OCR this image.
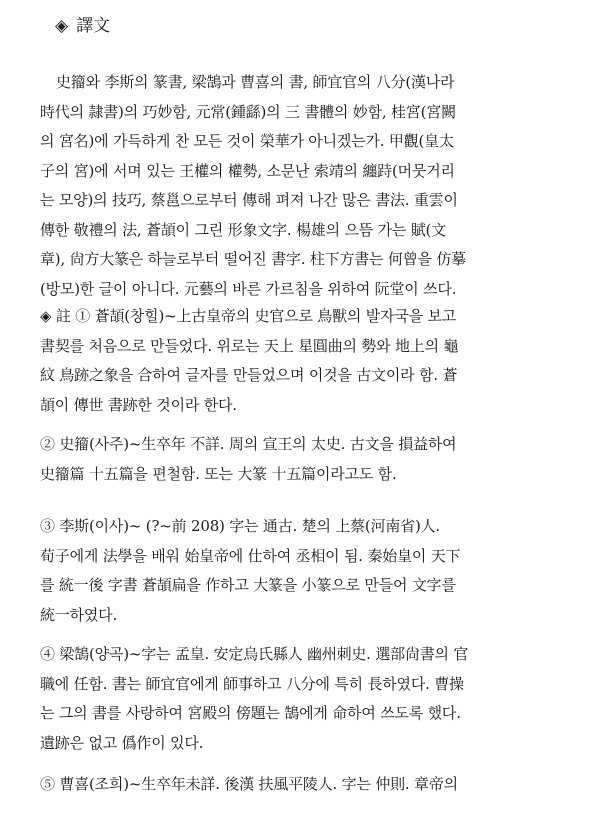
◈ 譯文
史籀와 李斯의 篆書, 梁鵠과 曹喜의 書, 師宜官의 八分(漢나라
時代의 隷書)의 巧妙함, 元常(鍾繇)의 三 書體의 妙함, 桂宮(宮闕
의 宮名)에 가득하게 찬 모든 것이 榮華가 아니겠는가. 甲觀(皇太
子의 宮)에 서며 있는 王權의 權勢, 소문난 索靖의 纏跱(머뭇거리
는 모양)의 技巧, 蔡邕으로부터 傳해 펴져 나간 많은 書法. 重雲이
傳한 敬禮의 法, 蒼頡이 그린 形象文字. 楊雄의 으뜸 가는 賦(文
章), 尙方大篆은 하늘로부터 떨어진 書字. 柱下方書는 何曾을 仿摹
(방모)한 글이 아니다. 元藝의 바른 가르침을 위하여 阮堂이 쓰다.
◈ 註 ① 蒼頡(창힐)~上古皇帝의 史官으로 鳥獸의 발자국을 보고
書契를 처음으로 만들었다. 위로는 天上 星圓曲의 勢와 地上의 龜
紋 鳥跡之象을 合하여 글자를 만들었으며 이것을 古文이라 함. 蒼
頡이 傳世 書跡한 것이라 한다.
② 史籀(사주)~生卒年 不詳. 周의 宣王의 太史. 古文을 損益하여
史籀篇 十五篇을 편철함. 또는 大篆 十五篇이라고도 함.
③ 李斯(이사)~ (?~前 208) 字는 通古. 楚의 上蔡(河南省)人.
荀子에게 法學을 배워 始皇帝에 仕하여 丞相이 됨. 秦始皇이 天下
를 統一後 字書 蒼頡扁을 作하고 大篆을 小篆으로 만들어 文字를
統一하였다.
④ 梁鵠(양곡)~字는 孟皇. 安定烏氏縣人 幽州刺史. 選部尙書의 官
職에 任함. 書는 師宜官에게 師事하고 八分에 특히 長하였다. 曹操
는 그의 書를 사랑하여 宮殿의 傍題는 鵠에게 命하여 쓰도록 했다.
遺跡은 없고 僞作이 있다.
⑤ 曹喜(조희)~生卒年未詳. 後漢 扶風平陵人. 字는 仲則. 章帝의
